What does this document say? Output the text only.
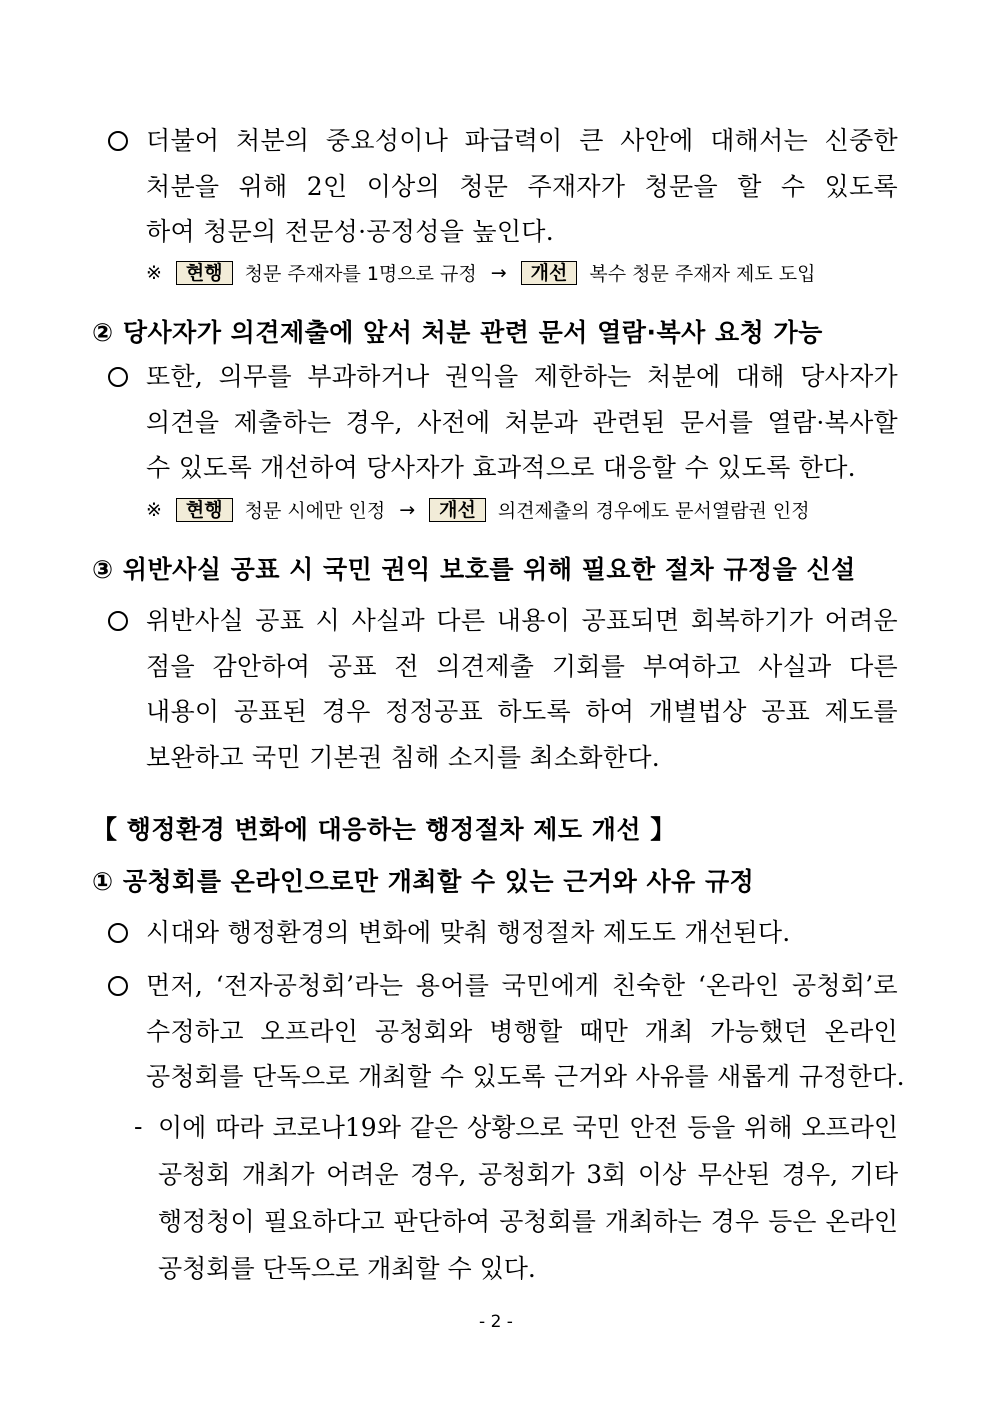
더불어 처분의 중요성이나 파급력이 큰 사안에 대해서는 신중한
처분을 위해 2인 이상의 청문 주재자가 청문을 할 수 있도록
하여 청문의 전문성·공정성을 높인다.
※	현행	청문 주재자를 1명으로 규정 →	개선	복수 청문 주재자 제도 도입
② 당사자가 의견제출에 앞서 처분 관련 문서 열람·복사 요청 가능
또한, 의무를 부과하거나 권익을 제한하는 처분에 대해 당사자가
의견을 제출하는 경우, 사전에 처분과 관련된 문서를 열람·복사할
수 있도록 개선하여 당사자가 효과적으로 대응할 수 있도록 한다.
※	현행	청문 시에만 인정 →	개선	의견제출의 경우에도 문서열람권 인정
③ 위반사실 공표 시 국민 권익 보호를 위해 필요한 절차 규정을 신설
위반사실 공표 시 사실과 다른 내용이 공표되면 회복하기가 어려운
점을 감안하여 공표 전 의견제출 기회를 부여하고 사실과 다른
내용이 공표된 경우 정정공표 하도록 하여 개별법상 공표 제도를
보완하고 국민 기본권 침해 소지를 최소화한다.
【 행정환경 변화에 대응하는 행정절차 제도 개선 】
① 공청회를 온라인으로만 개최할 수 있는 근거와 사유 규정
시대와 행정환경의 변화에 맞춰 행정절차 제도도 개선된다.
먼저, ‘전자공청회’라는 용어를 국민에게 친숙한 ‘온라인 공청회’로
수정하고 오프라인 공청회와 병행할 때만 개최 가능했던 온라인
공청회를 단독으로 개최할 수 있도록 근거와 사유를 새롭게 규정한다.
- 이에 따라 코로나19와 같은 상황으로 국민 안전 등을 위해 오프라인
공청회 개최가 어려운 경우, 공청회가 3회 이상 무산된 경우, 기타
행정청이 필요하다고 판단하여 공청회를 개최하는 경우 등은 온라인
공청회를 단독으로 개최할 수 있다.
- 2 -
